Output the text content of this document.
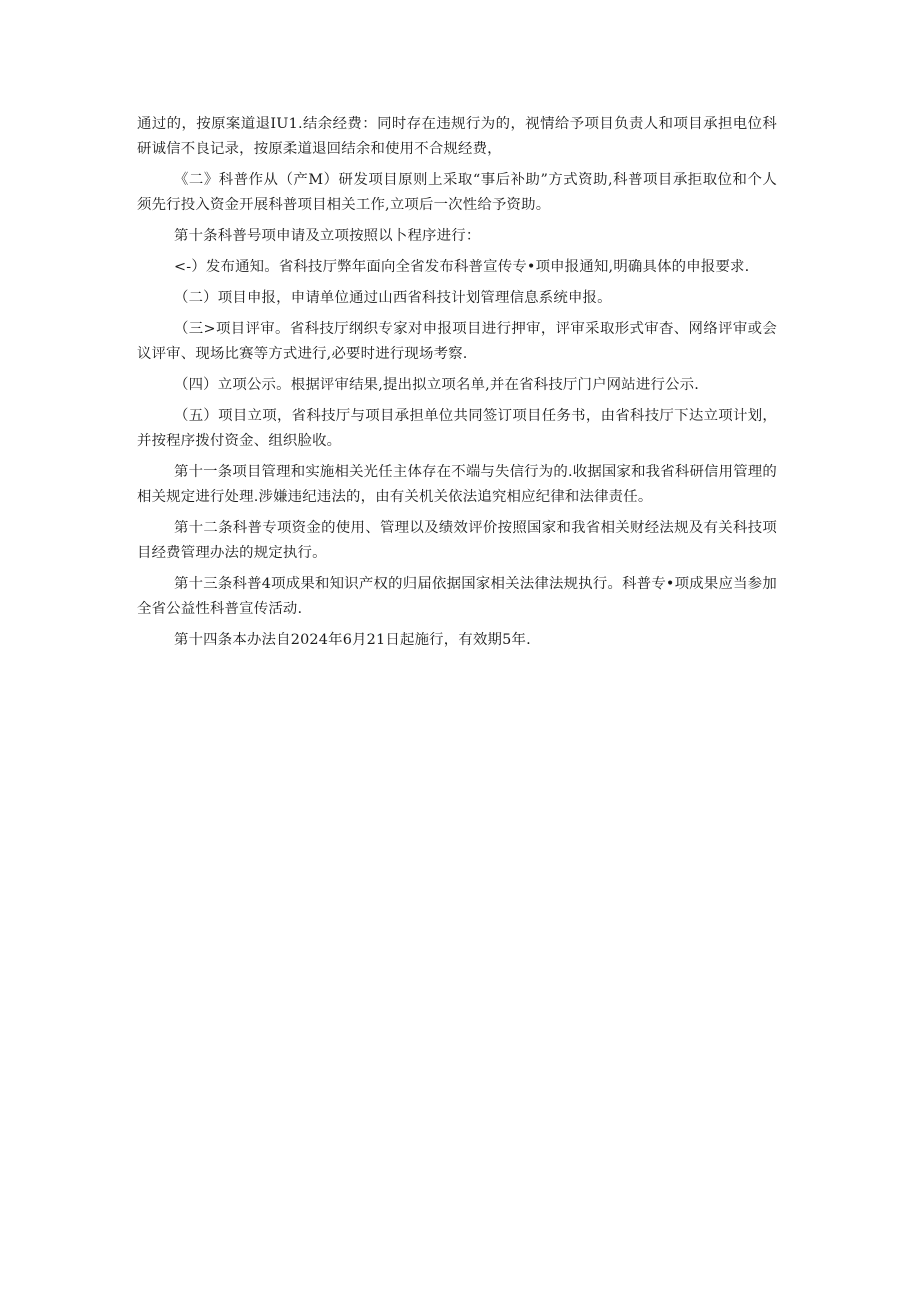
通过的，按原案道退IU1.结余经费：同时存在违规行为的，视情给予项目负责人和项目承担电位科研诚信不良记录，按原柔道退回结余和使用不合规经费，

《二》科普作从（产M）研发项目原则上采取“事后补助”方式资助,科普项目承拒取位和个人须先行投入资金开展科普项目相关工作,立项后一次性给予资助。

第十条科普号项申请及立项按照以卜程序进行：

<-）发布通知。省科技厅弊年面向全省发布科普宣传专•项申报通知,明确具体的申报要求.

（二）项目申报，申请单位通过山西省科技计划管理信息系统申报。

（三>项目评审。省科技厅纲织专家对申报项目进行押审，评审采取形式审杳、网络评审或会议评审、现场比赛等方式进行,必要时进行现场考察.

（四）立项公示。根据评审结果,提出拟立项名单,并在省科技厅门户网站进行公示.

（五）项目立项，省科技厅与项目承担单位共同签订项目任务书，由省科技厅下达立项计划，并按程序拨付资金、组织脸收。

第十一条项目管理和实施相关光任主体存在不端与失信行为的.收据国家和我省科研信用管理的相关规定进行处理.涉嫌违纪违法的，由有关机关依法追究相应纪律和法律责任。

第十二条科普专项资金的使用、管理以及绩效评价按照国家和我省相关财经法规及有关科技项目经费管理办法的规定执行。

第十三条科普4项成果和知识产权的归届依据国家相关法律法规执行。科普专•项成果应当参加全省公益性科普宣传活动.

第十四条本办法自2024年6月21日起施行，有效期5年.
